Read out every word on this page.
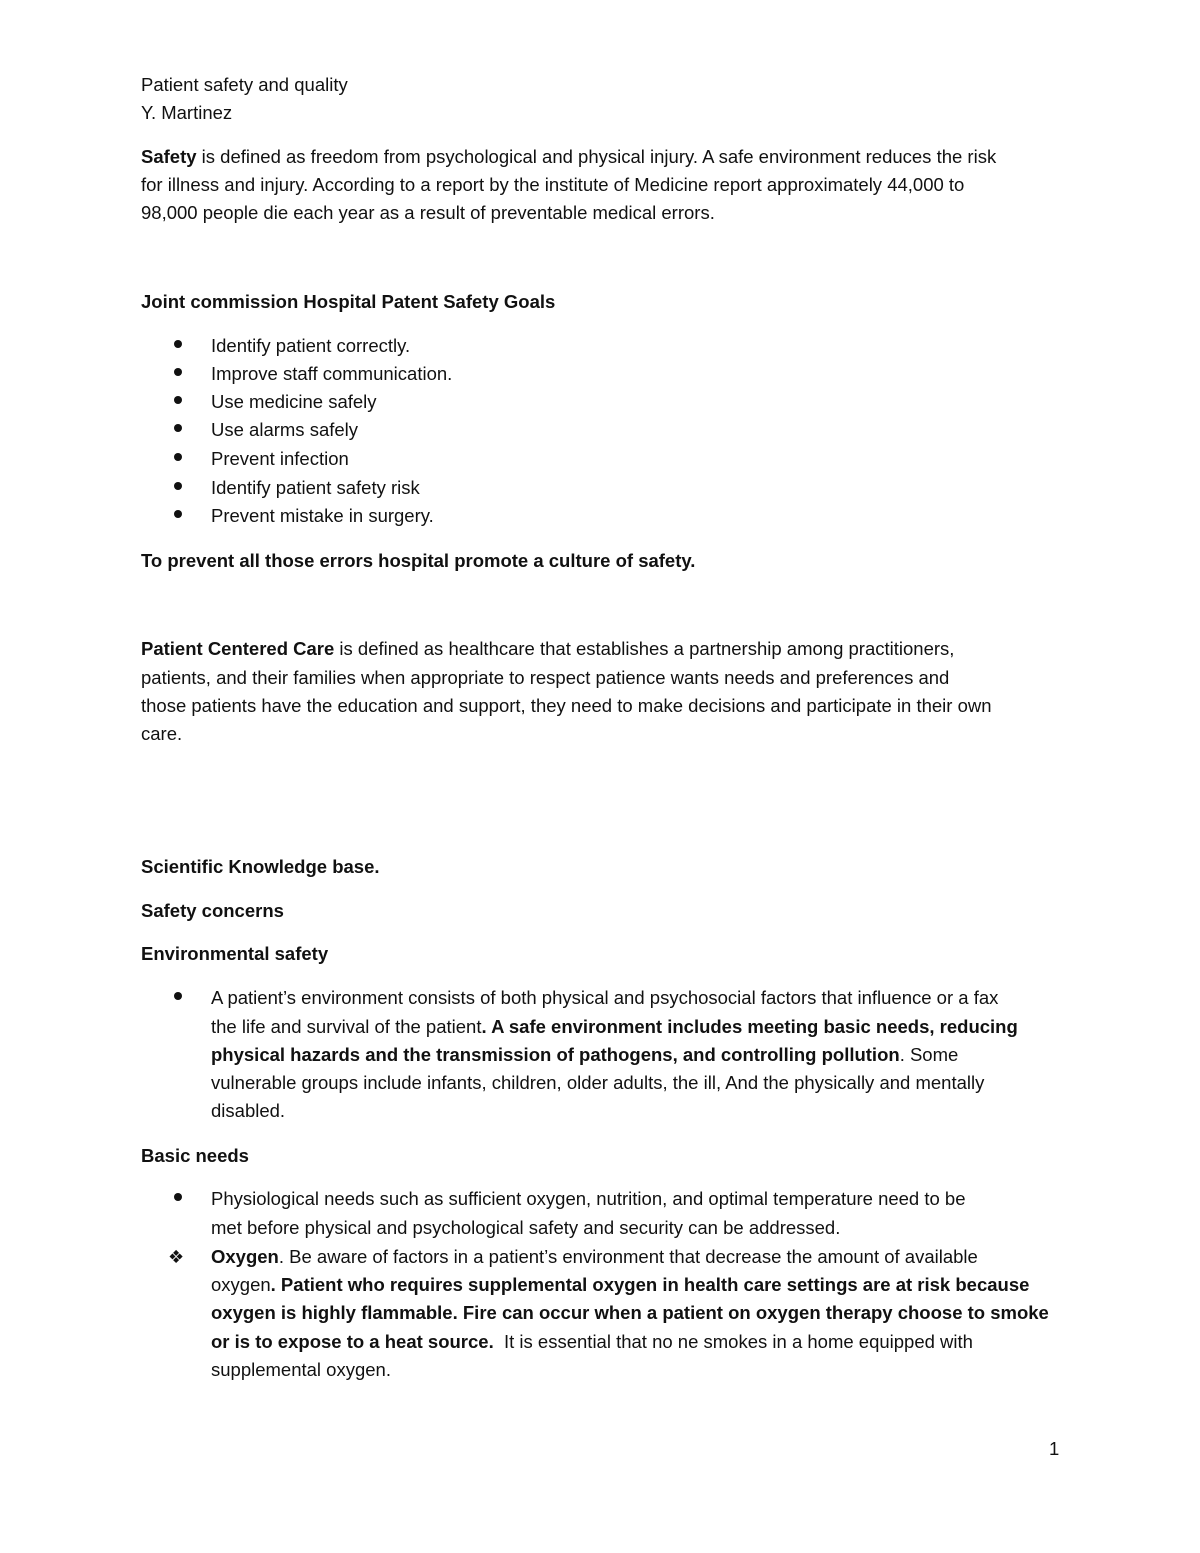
Patient safety and quality
Y. Martinez
Safety is defined as freedom from psychological and physical injury. A safe environment reduces the risk
for illness and injury. According to a report by the institute of Medicine report approximately 44,000 to
98,000 people die each year as a result of preventable medical errors.
Joint commission Hospital Patent Safety Goals
Identify patient correctly.
Improve staff communication.
Use medicine safely
Use alarms safely
Prevent infection
Identify patient safety risk
Prevent mistake in surgery.
To prevent all those errors hospital promote a culture of safety.
Patient Centered Care is defined as healthcare that establishes a partnership among practitioners,
patients, and their families when appropriate to respect patience wants needs and preferences and
those patients have the education and support, they need to make decisions and participate in their own
care.
Scientific Knowledge base.
Safety concerns
Environmental safety
A patient’s environment consists of both physical and psychosocial factors that influence or a fax
the life and survival of the patient. A safe environment includes meeting basic needs, reducing
physical hazards and the transmission of pathogens, and controlling pollution. Some
vulnerable groups include infants, children, older adults, the ill, And the physically and mentally
disabled.
Basic needs
Physiological needs such as sufficient oxygen, nutrition, and optimal temperature need to be
met before physical and psychological safety and security can be addressed.
❖ Oxygen. Be aware of factors in a patient’s environment that decrease the amount of available
oxygen. Patient who requires supplemental oxygen in health care settings are at risk because
oxygen is highly flammable. Fire can occur when a patient on oxygen therapy choose to smoke
or is to expose to a heat source.  It is essential that no ne smokes in a home equipped with
supplemental oxygen.
1
